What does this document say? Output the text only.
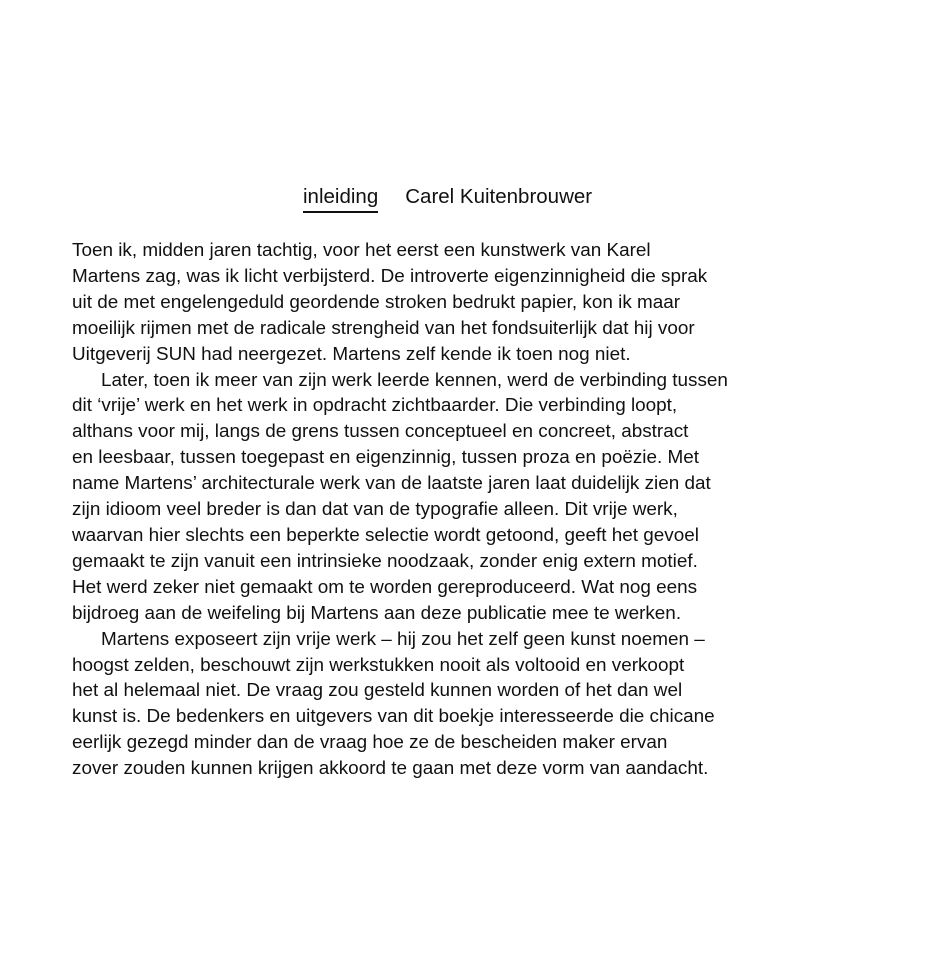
inleiding Carel Kuitenbrouwer
Toen ik, midden jaren tachtig, voor het eerst een kunstwerk van Karel
Martens zag, was ik licht verbijsterd. De introverte eigenzinnigheid die sprak
uit de met engelengeduld geordende stroken bedrukt papier, kon ik maar
moeilijk rijmen met de radicale strengheid van het fondsuiterlijk dat hij voor
Uitgeverij SUN had neergezet. Martens zelf kende ik toen nog niet.
Later, toen ik meer van zijn werk leerde kennen, werd de verbinding tussen
dit ‘vrije’ werk en het werk in opdracht zichtbaarder. Die verbinding loopt,
althans voor mij, langs de grens tussen conceptueel en concreet, abstract
en leesbaar, tussen toegepast en eigenzinnig, tussen proza en poëzie. Met
name Martens’ architecturale werk van de laatste jaren laat duidelijk zien dat
zijn idioom veel breder is dan dat van de typografie alleen. Dit vrije werk,
waarvan hier slechts een beperkte selectie wordt getoond, geeft het gevoel
gemaakt te zijn vanuit een intrinsieke noodzaak, zonder enig extern motief.
Het werd zeker niet gemaakt om te worden gereproduceerd. Wat nog eens
bijdroeg aan de weifeling bij Martens aan deze publicatie mee te werken.
Martens exposeert zijn vrije werk – hij zou het zelf geen kunst noemen –
hoogst zelden, beschouwt zijn werkstukken nooit als voltooid en verkoopt
het al helemaal niet. De vraag zou gesteld kunnen worden of het dan wel
kunst is. De bedenkers en uitgevers van dit boekje interesseerde die chicane
eerlijk gezegd minder dan de vraag hoe ze de bescheiden maker ervan
zover zouden kunnen krijgen akkoord te gaan met deze vorm van aandacht.
